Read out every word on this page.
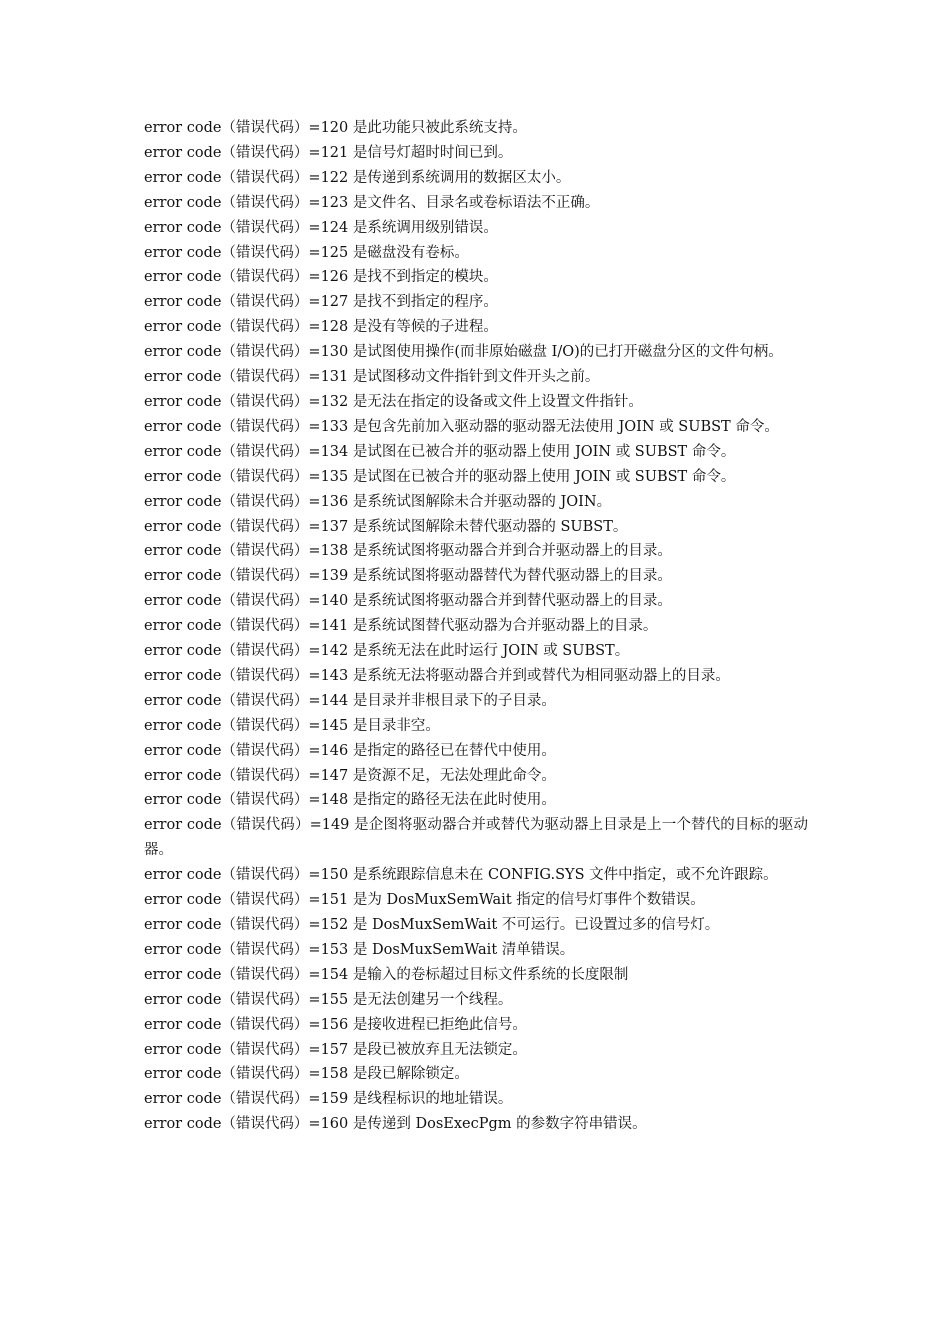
error code（错误代码）=120 是此功能只被此系统支持。

error code（错误代码）=121 是信号灯超时时间已到。

error code（错误代码）=122 是传递到系统调用的数据区太小。

error code（错误代码）=123 是文件名、目录名或卷标语法不正确。

error code（错误代码）=124 是系统调用级别错误。

error code（错误代码）=125 是磁盘没有卷标。

error code（错误代码）=126 是找不到指定的模块。

error code（错误代码）=127 是找不到指定的程序。

error code（错误代码）=128 是没有等候的子进程。

error code（错误代码）=130 是试图使用操作(而非原始磁盘 I/O)的已打开磁盘分区的文件句柄。

error code（错误代码）=131 是试图移动文件指针到文件开头之前。

error code（错误代码）=132 是无法在指定的设备或文件上设置文件指针。

error code（错误代码）=133 是包含先前加入驱动器的驱动器无法使用 JOIN 或 SUBST 命令。

error code（错误代码）=134 是试图在已被合并的驱动器上使用 JOIN 或 SUBST 命令。

error code（错误代码）=135 是试图在已被合并的驱动器上使用 JOIN 或 SUBST 命令。

error code（错误代码）=136 是系统试图解除未合并驱动器的 JOIN。

error code（错误代码）=137 是系统试图解除未替代驱动器的 SUBST。

error code（错误代码）=138 是系统试图将驱动器合并到合并驱动器上的目录。

error code（错误代码）=139 是系统试图将驱动器替代为替代驱动器上的目录。

error code（错误代码）=140 是系统试图将驱动器合并到替代驱动器上的目录。

error code（错误代码）=141 是系统试图替代驱动器为合并驱动器上的目录。

error code（错误代码）=142 是系统无法在此时运行 JOIN 或 SUBST。

error code（错误代码）=143 是系统无法将驱动器合并到或替代为相同驱动器上的目录。

error code（错误代码）=144 是目录并非根目录下的子目录。

error code（错误代码）=145 是目录非空。

error code（错误代码）=146 是指定的路径已在替代中使用。

error code（错误代码）=147 是资源不足，无法处理此命令。

error code（错误代码）=148 是指定的路径无法在此时使用。

error code（错误代码）=149 是企图将驱动器合并或替代为驱动器上目录是上一个替代的目标的驱动器。

error code（错误代码）=150 是系统跟踪信息未在 CONFIG.SYS 文件中指定，或不允许跟踪。

error code（错误代码）=151 是为 DosMuxSemWait 指定的信号灯事件个数错误。

error code（错误代码）=152 是 DosMuxSemWait 不可运行。已设置过多的信号灯。

error code（错误代码）=153 是 DosMuxSemWait 清单错误。

error code（错误代码）=154 是输入的卷标超过目标文件系统的长度限制

error code（错误代码）=155 是无法创建另一个线程。

error code（错误代码）=156 是接收进程已拒绝此信号。

error code（错误代码）=157 是段已被放弃且无法锁定。

error code（错误代码）=158 是段已解除锁定。

error code（错误代码）=159 是线程标识的地址错误。

error code（错误代码）=160 是传递到 DosExecPgm 的参数字符串错误。
